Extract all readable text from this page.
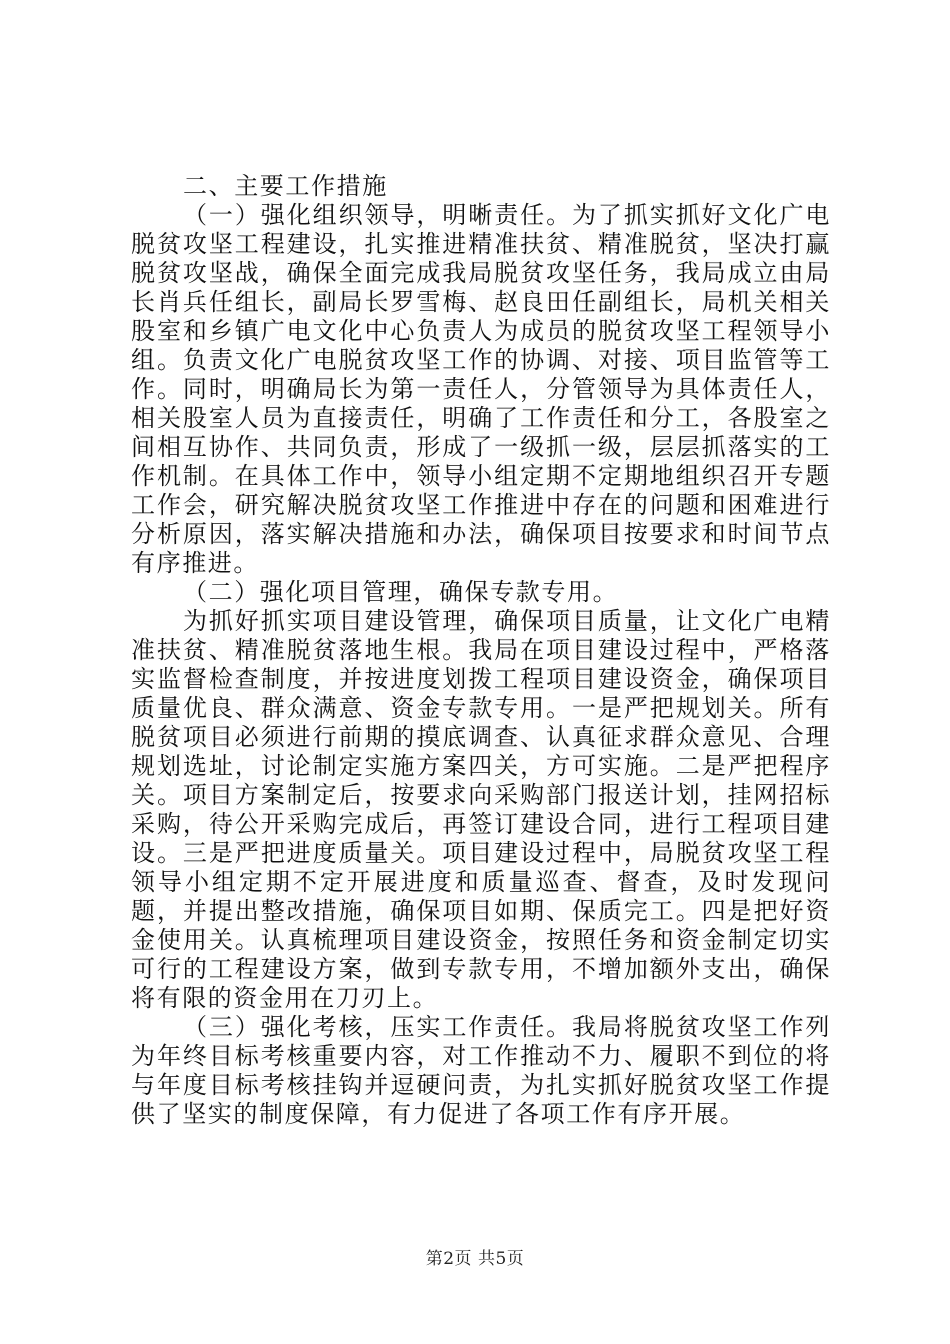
二、主要工作措施

（一）强化组织领导，明晰责任。为了抓实抓好文化广电脱贫攻坚工程建设，扎实推进精准扶贫、精准脱贫，坚决打赢脱贫攻坚战，确保全面完成我局脱贫攻坚任务，我局成立由局长肖兵任组长，副局长罗雪梅、赵良田任副组长，局机关相关股室和乡镇广电文化中心负责人为成员的脱贫攻坚工程领导小组。负责文化广电脱贫攻坚工作的协调、对接、项目监管等工作。同时，明确局长为第一责任人，分管领导为具体责任人，相关股室人员为直接责任，明确了工作责任和分工，各股室之间相互协作、共同负责，形成了一级抓一级，层层抓落实的工作机制。在具体工作中，领导小组定期不定期地组织召开专题工作会，研究解决脱贫攻坚工作推进中存在的问题和困难进行分析原因，落实解决措施和办法，确保项目按要求和时间节点有序推进。

（二）强化项目管理，确保专款专用。

为抓好抓实项目建设管理，确保项目质量，让文化广电精准扶贫、精准脱贫落地生根。我局在项目建设过程中，严格落实监督检查制度，并按进度划拨工程项目建设资金，确保项目质量优良、群众满意、资金专款专用。一是严把规划关。所有脱贫项目必须进行前期的摸底调查、认真征求群众意见、合理规划选址，讨论制定实施方案四关，方可实施。二是严把程序关。项目方案制定后，按要求向采购部门报送计划，挂网招标采购，待公开采购完成后，再签订建设合同，进行工程项目建设。三是严把进度质量关。项目建设过程中，局脱贫攻坚工程领导小组定期不定开展进度和质量巡查、督查，及时发现问题，并提出整改措施，确保项目如期、保质完工。四是把好资金使用关。认真梳理项目建设资金，按照任务和资金制定切实可行的工程建设方案，做到专款专用，不增加额外支出，确保将有限的资金用在刀刃上。

（三）强化考核，压实工作责任。我局将脱贫攻坚工作列为年终目标考核重要内容，对工作推动不力、履职不到位的将与年度目标考核挂钩并逗硬问责，为扎实抓好脱贫攻坚工作提供了坚实的制度保障，有力促进了各项工作有序开展。

第2页 共5页
